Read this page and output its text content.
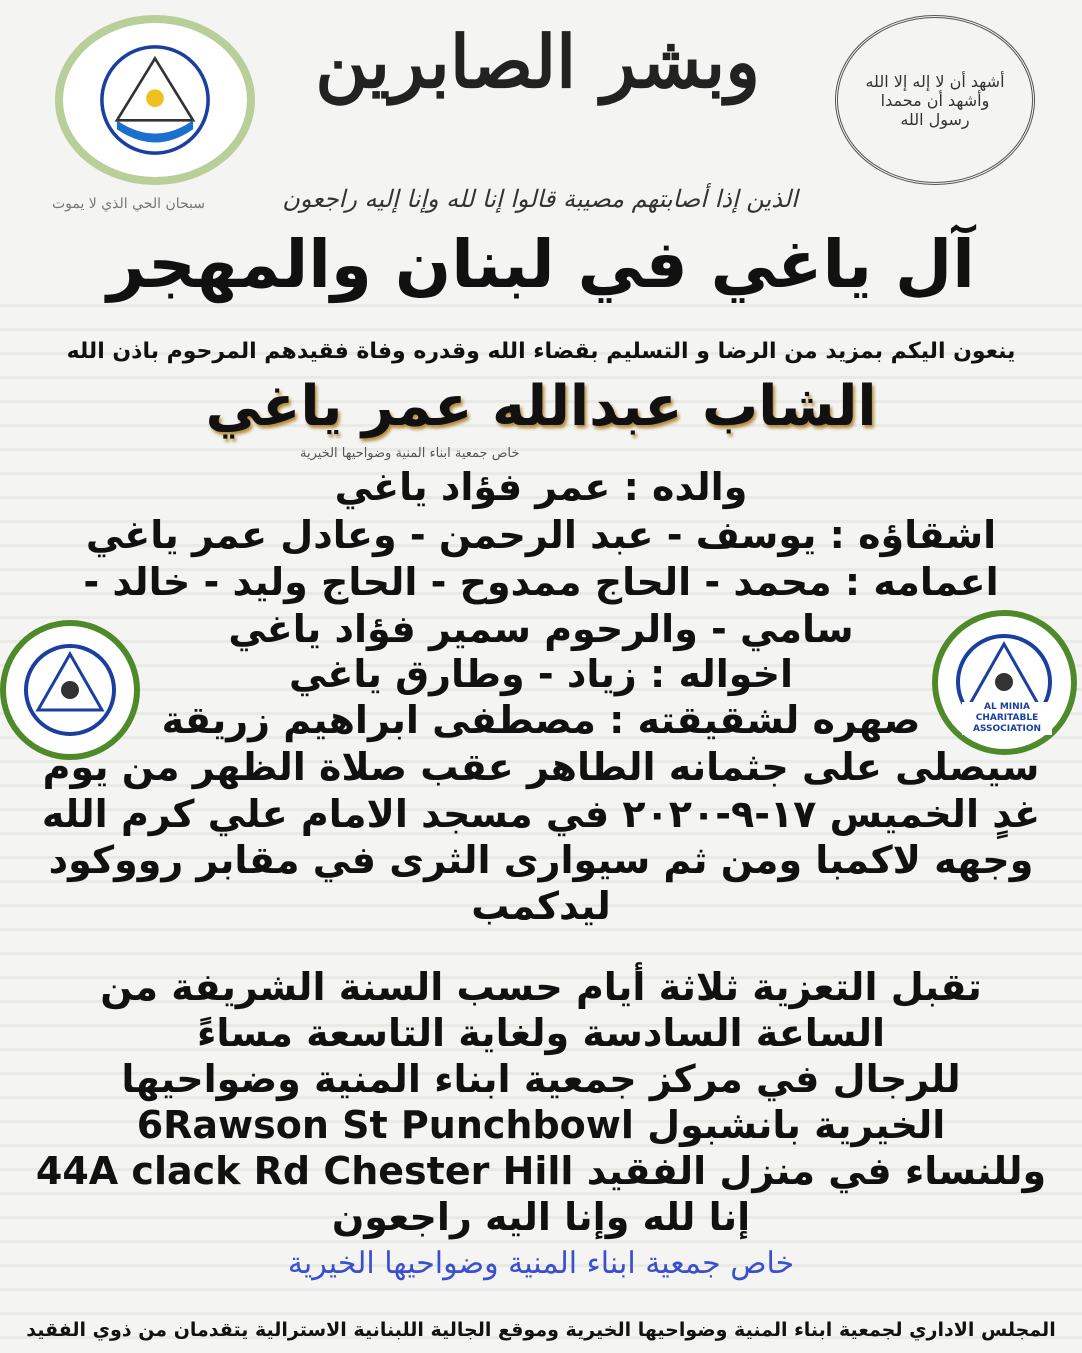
وبشر الصابرين	أشهد أن لا إله إلا الله وأشهد أن محمدا رسول الله
الذين إذا أصابتهم مصيبة قالوا إنا لله وإنا إليه راجعون
سبحان الحي الذي لا يموت
آل ياغي في لبنان والمهجر
ينعون اليكم بمزيد من الرضا و التسليم بقضاء الله وقدره وفاة فقيدهم المرحوم باذن الله
الشاب عبدالله عمر ياغي
خاص جمعية ابناء المنية وضواحيها الخيرية
AL MINIA CHARITABLE ASSOCIATION
والده : عمر فؤاد ياغي
اشقاؤه : يوسف - عبد الرحمن - وعادل عمر ياغي
اعمامه : محمد - الحاج ممدوح - الحاج وليد - خالد -
سامي - والرحوم سمير فؤاد ياغي
اخواله : زياد - وطارق ياغي
صهره لشقيقته : مصطفى ابراهيم زريقة
سيصلى على جثمانه الطاهر عقب صلاة الظهر من يوم
غدٍ الخميس ١٧-٩-٢٠٢٠ في مسجد الامام علي كرم الله
وجهه لاكمبا ومن ثم سيوارى الثرى في مقابر رووكود
ليدكمب
تقبل التعزية ثلاثة أيام حسب السنة الشريفة من
الساعة السادسة ولغاية التاسعة مساءً
للرجال في مركز جمعية ابناء المنية وضواحيها
الخيرية بانشبول 6Rawson St Punchbowl
وللنساء في منزل الفقيد 44A clack Rd Chester Hill
إنا لله وإنا اليه راجعون
خاص جمعية ابناء المنية وضواحيها الخيرية
المجلس الاداري لجمعية ابناء المنية وضواحيها الخيرية وموقع الجالية اللبنانية الاسترالية يتقدمان من ذوي الفقيد
